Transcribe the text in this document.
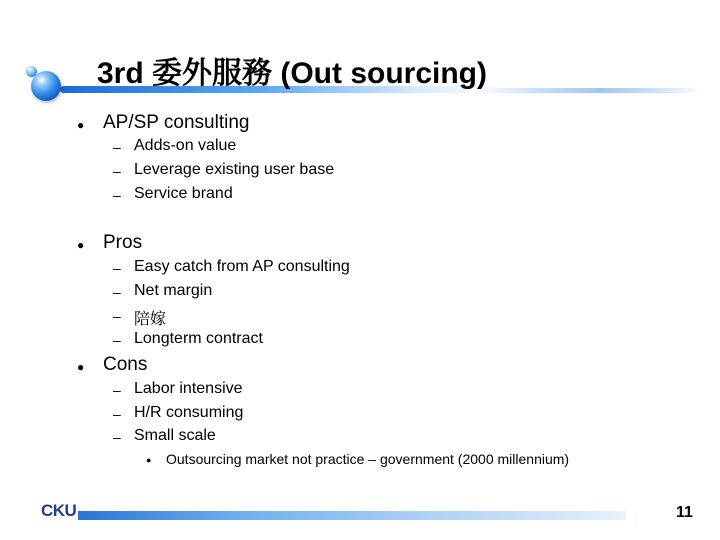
3rd 委外服務 (Out sourcing)
● AP/SP consulting
– Adds-on value
– Leverage existing user base
– Service brand
● Pros
– Easy catch from AP consulting
– Net margin
– 陪嫁
– Longterm contract
● Cons
– Labor intensive
– H/R consuming
– Small scale
● Outsourcing market not practice – government (2000 millennium)
CKU	11
